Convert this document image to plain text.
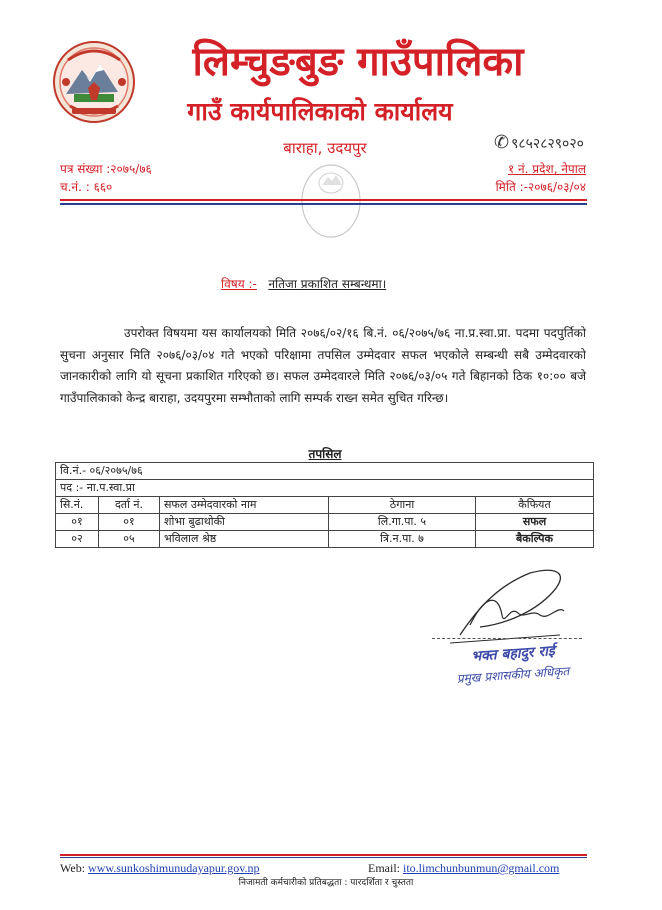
लिम्चुङबुङ गाउँपालिका
गाउँ कार्यपालिकाको कार्यालय
बाराहा, उदयपुर	✆ ९८५२८२९०२०
पत्र संख्या :२०७५/७६
च.नं. : ६६०
१ नं. प्रदेश, नेपाल
मिति :-२०७६/०३/०४
विषय :- नतिजा प्रकाशित सम्बन्धमा।
उपरोक्त विषयमा यस कार्यालयको मिति २०७६/०२/१६ बि.नं. ०६/२०७५/७६ ना.प्र.स्वा.प्रा. पदमा पदपुर्तिको सुचना अनुसार मिति २०७६/०३/०४ गते भएको परिक्षामा तपसिल उम्मेदवार सफल भएकोले सम्बन्धी सबै उम्मेदवारको जानकारीको लागि यो सूचना प्रकाशित गरिएको छ। सफल उम्मेदवारले मिति २०७६/०३/०५ गते बिहानको ठिक १०:०० बजे गाउँपालिकाको केन्द्र बाराहा, उदयपुरमा सम्भौताको लागि सम्पर्क राख्न समेत सुचित गरिन्छ।
तपसिल
वि.नं.- ०६/२०७५/७६				
पद :- ना.प.स्वा.प्रा				
सि.नं.	दर्ता नं.	सफल उम्मेदवारको नाम	ठेगाना	कैफियत
०१	०१	शोभा बुढाथोकी	लि.गा.पा. ५	सफल
०२	०५	भविलाल श्रेष्ठ	त्रि.न.पा. ७	बैकल्पिक
भक्त बहादुर राई
प्रमुख प्रशासकीय अधिकृत
Web: www.sunkoshimunudayapur.gov.np	Email: ito.limchunbunmun@gmail.com
निजामती कर्मचारीको प्रतिबद्धता : पारदर्शिता र चुस्तता
